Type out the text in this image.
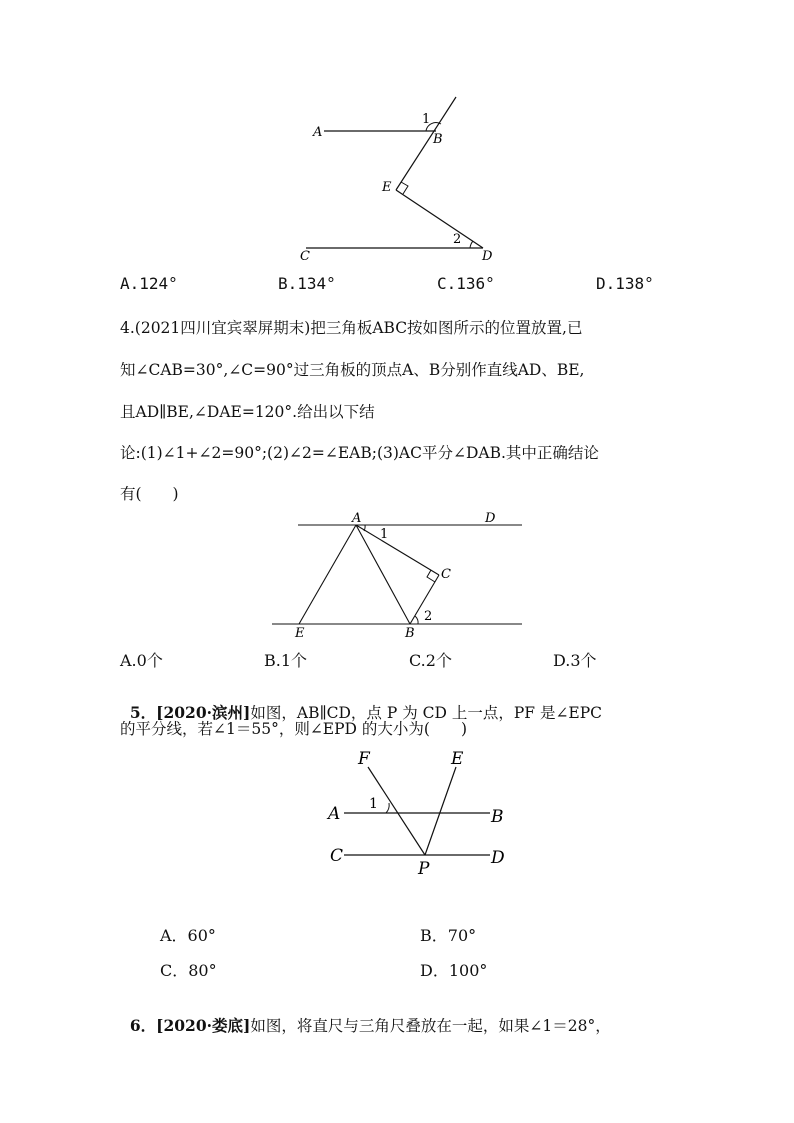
A	B
1
E
2
C	D
A.124°	B.134°	C.136°	D.138°
4.(2021四川宜宾翠屏期末)把三角板ABC按如图所示的位置放置,已
知∠CAB=30°,∠C=90°过三角板的顶点A、B分别作直线AD、BE,
且AD∥BE,∠DAE=120°.给出以下结
论:(1)∠1+∠2=90°;(2)∠2=∠EAB;(3)AC平分∠DAB.其中正确结论
有(　　)
A
1
D
C
2
E	B
A.0个	B.1个	C.2个	D.3个

5．[2020·滨州]如图，AB∥CD，点 P 为 CD 上一点，PF 是∠EPC

的平分线，若∠1＝55°，则∠EPD 的大小为(　　)
F	E
1
A	B
C	D
P
A．60°	B．70°
C．80°	D．100°

6．[2020·娄底]如图，将直尺与三角尺叠放在一起，如果∠1＝28°，
